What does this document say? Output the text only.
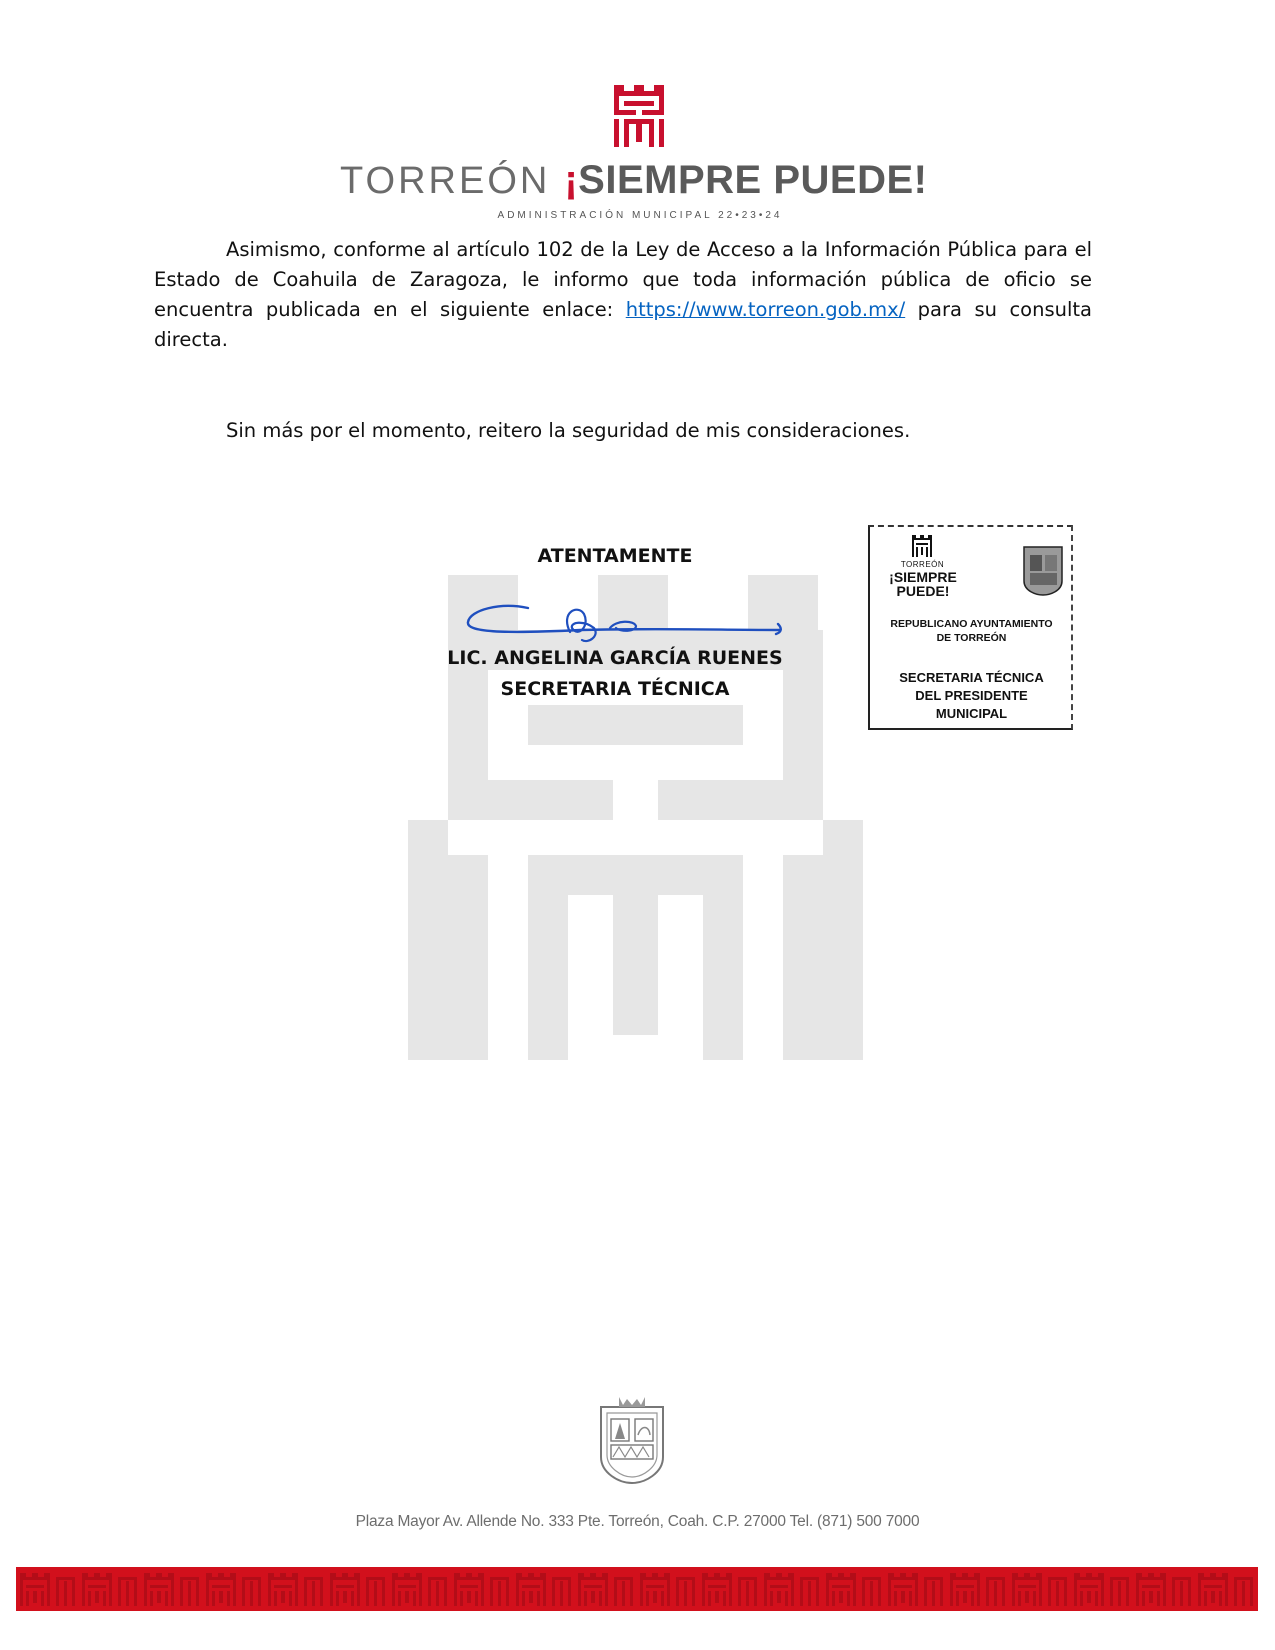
TORREÓN ¡SIEMPRE PUEDE!
ADMINISTRACIÓN MUNICIPAL 22•23•24

Asimismo, conforme al artículo 102 de la Ley de Acceso a la Información Pública para el Estado de Coahuila de Zaragoza, le informo que toda información pública de oficio se encuentra publicada en el siguiente enlace: https://www.torreon.gob.mx/ para su consulta directa.

Sin más por el momento, reitero la seguridad de mis consideraciones.

ATENTAMENTE
LIC. ANGELINA GARCÍA RUENES
SECRETARIA TÉCNICA
TORREÓN
¡SIEMPRE
PUEDE!
REPUBLICANO AYUNTAMIENTO
DE TORREÓN
SECRETARIA TÉCNICA
DEL PRESIDENTE
MUNICIPAL
Plaza Mayor Av. Allende No. 333 Pte. Torreón, Coah. C.P. 27000 Tel. (871) 500 7000
